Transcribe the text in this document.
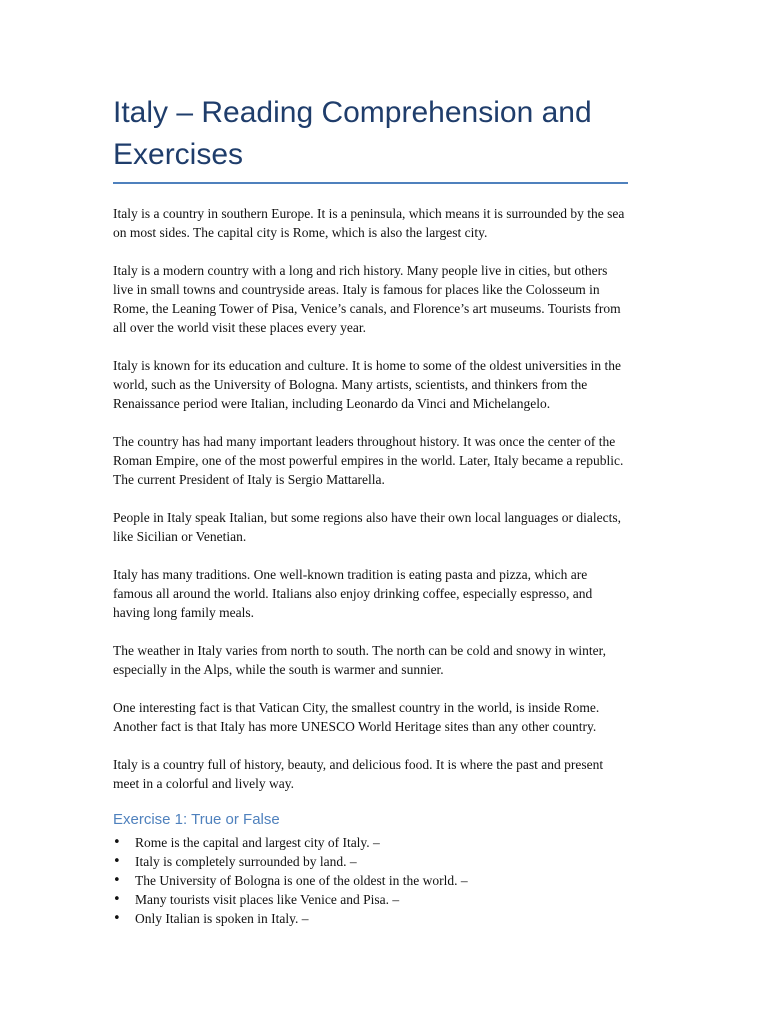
Italy – Reading Comprehension and Exercises

Italy is a country in southern Europe. It is a peninsula, which means it is surrounded by the sea on most sides. The capital city is Rome, which is also the largest city.

Italy is a modern country with a long and rich history. Many people live in cities, but others live in small towns and countryside areas. Italy is famous for places like the Colosseum in Rome, the Leaning Tower of Pisa, Venice’s canals, and Florence’s art museums. Tourists from all over the world visit these places every year.

Italy is known for its education and culture. It is home to some of the oldest universities in the world, such as the University of Bologna. Many artists, scientists, and thinkers from the Renaissance period were Italian, including Leonardo da Vinci and Michelangelo.

The country has had many important leaders throughout history. It was once the center of the Roman Empire, one of the most powerful empires in the world. Later, Italy became a republic. The current President of Italy is Sergio Mattarella.

People in Italy speak Italian, but some regions also have their own local languages or dialects, like Sicilian or Venetian.

Italy has many traditions. One well-known tradition is eating pasta and pizza, which are famous all around the world. Italians also enjoy drinking coffee, especially espresso, and having long family meals.

The weather in Italy varies from north to south. The north can be cold and snowy in winter, especially in the Alps, while the south is warmer and sunnier.

One interesting fact is that Vatican City, the smallest country in the world, is inside Rome. Another fact is that Italy has more UNESCO World Heritage sites than any other country.

Italy is a country full of history, beauty, and delicious food. It is where the past and present meet in a colorful and lively way.

Exercise 1: True or False
• Rome is the capital and largest city of Italy. –
• Italy is completely surrounded by land. –
• The University of Bologna is one of the oldest in the world. –
• Many tourists visit places like Venice and Pisa. –
• Only Italian is spoken in Italy. –
